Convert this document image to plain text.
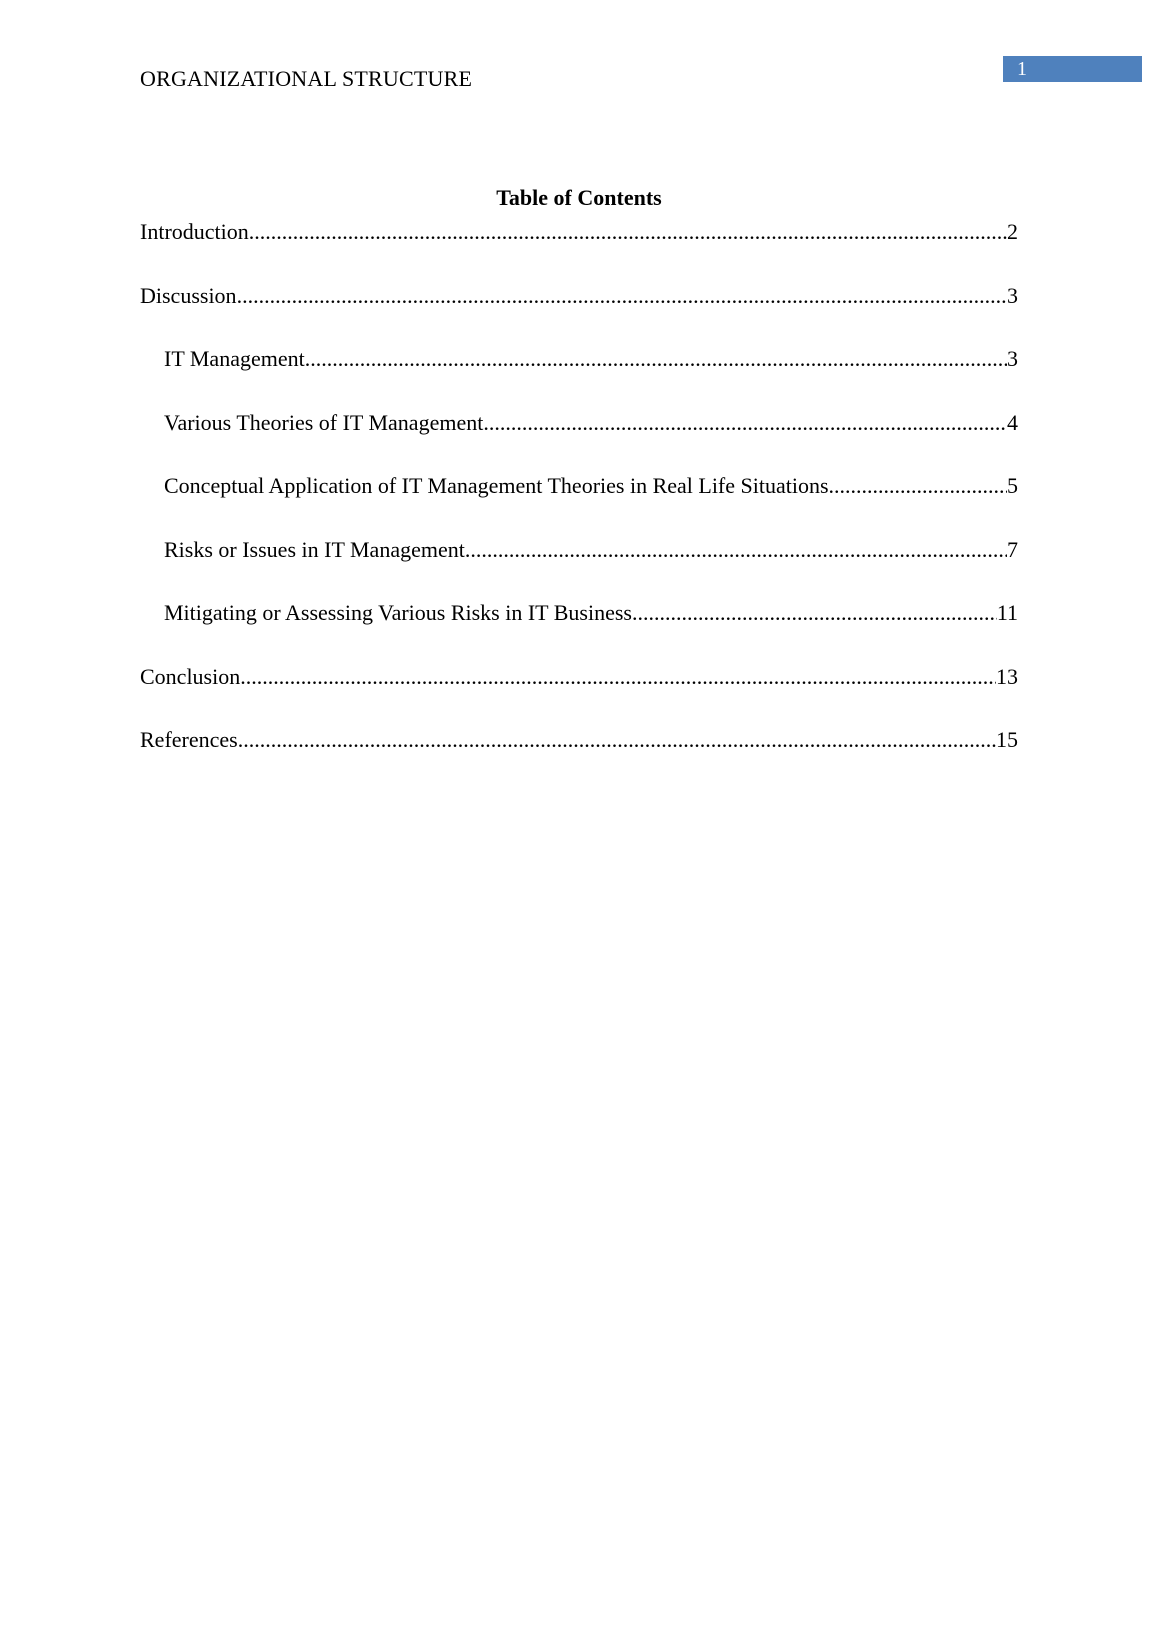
ORGANIZATIONAL STRUCTURE	1
Table of Contents
Introduction .....	2
Discussion .....	3
IT Management .....	3
Various Theories of IT Management .....	4
Conceptual Application of IT Management Theories in Real Life Situations .....	5
Risks or Issues in IT Management .....	7
Mitigating or Assessing Various Risks in IT Business .....	11
Conclusion .....	13
References .....	15
